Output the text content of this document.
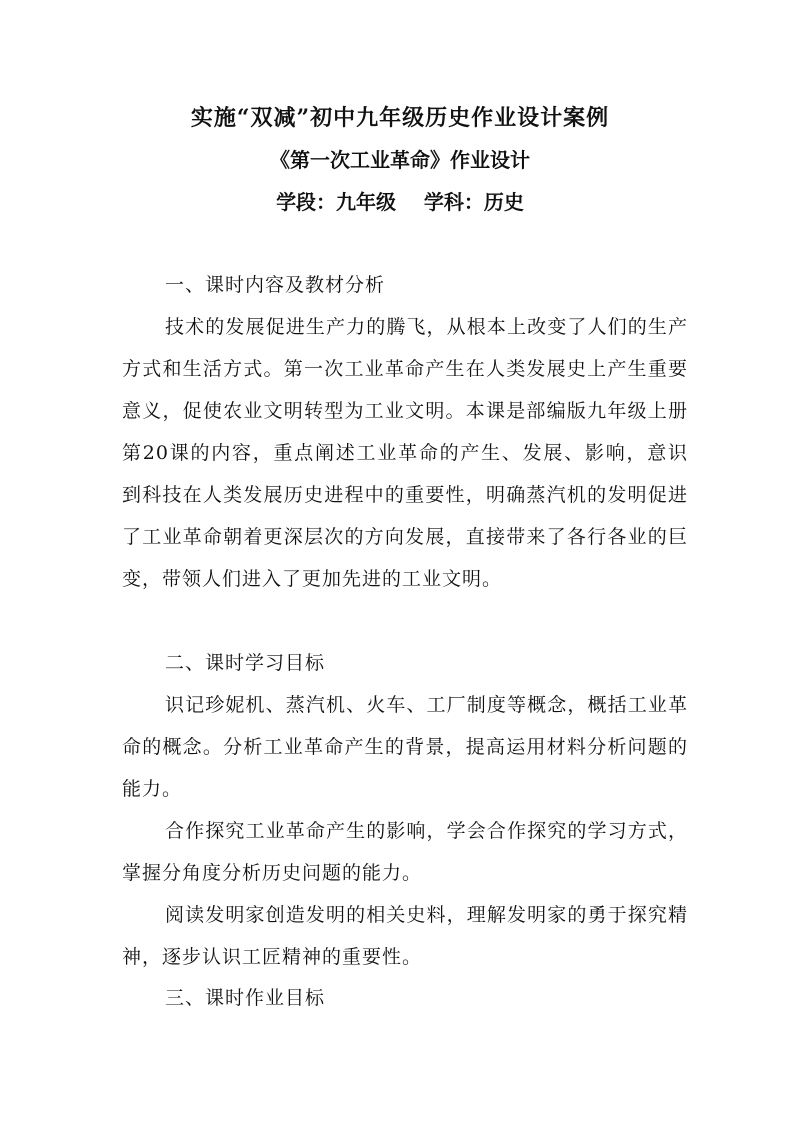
实施“双减”初中九年级历史作业设计案例
《第一次工业革命》作业设计
学段：九年级    学科：历史
一、课时内容及教材分析

技术的发展促进生产力的腾飞，从根本上改变了人们的生产方式和生活方式。第一次工业革命产生在人类发展史上产生重要意义，促使农业文明转型为工业文明。本课是部编版九年级上册第20课的内容，重点阐述工业革命的产生、发展、影响，意识到科技在人类发展历史进程中的重要性，明确蒸汽机的发明促进了工业革命朝着更深层次的方向发展，直接带来了各行各业的巨变，带领人们进入了更加先进的工业文明。

二、课时学习目标

识记珍妮机、蒸汽机、火车、工厂制度等概念，概括工业革命的概念。分析工业革命产生的背景，提高运用材料分析问题的能力。

合作探究工业革命产生的影响，学会合作探究的学习方式，掌握分角度分析历史问题的能力。

阅读发明家创造发明的相关史料，理解发明家的勇于探究精神，逐步认识工匠精神的重要性。

三、课时作业目标
